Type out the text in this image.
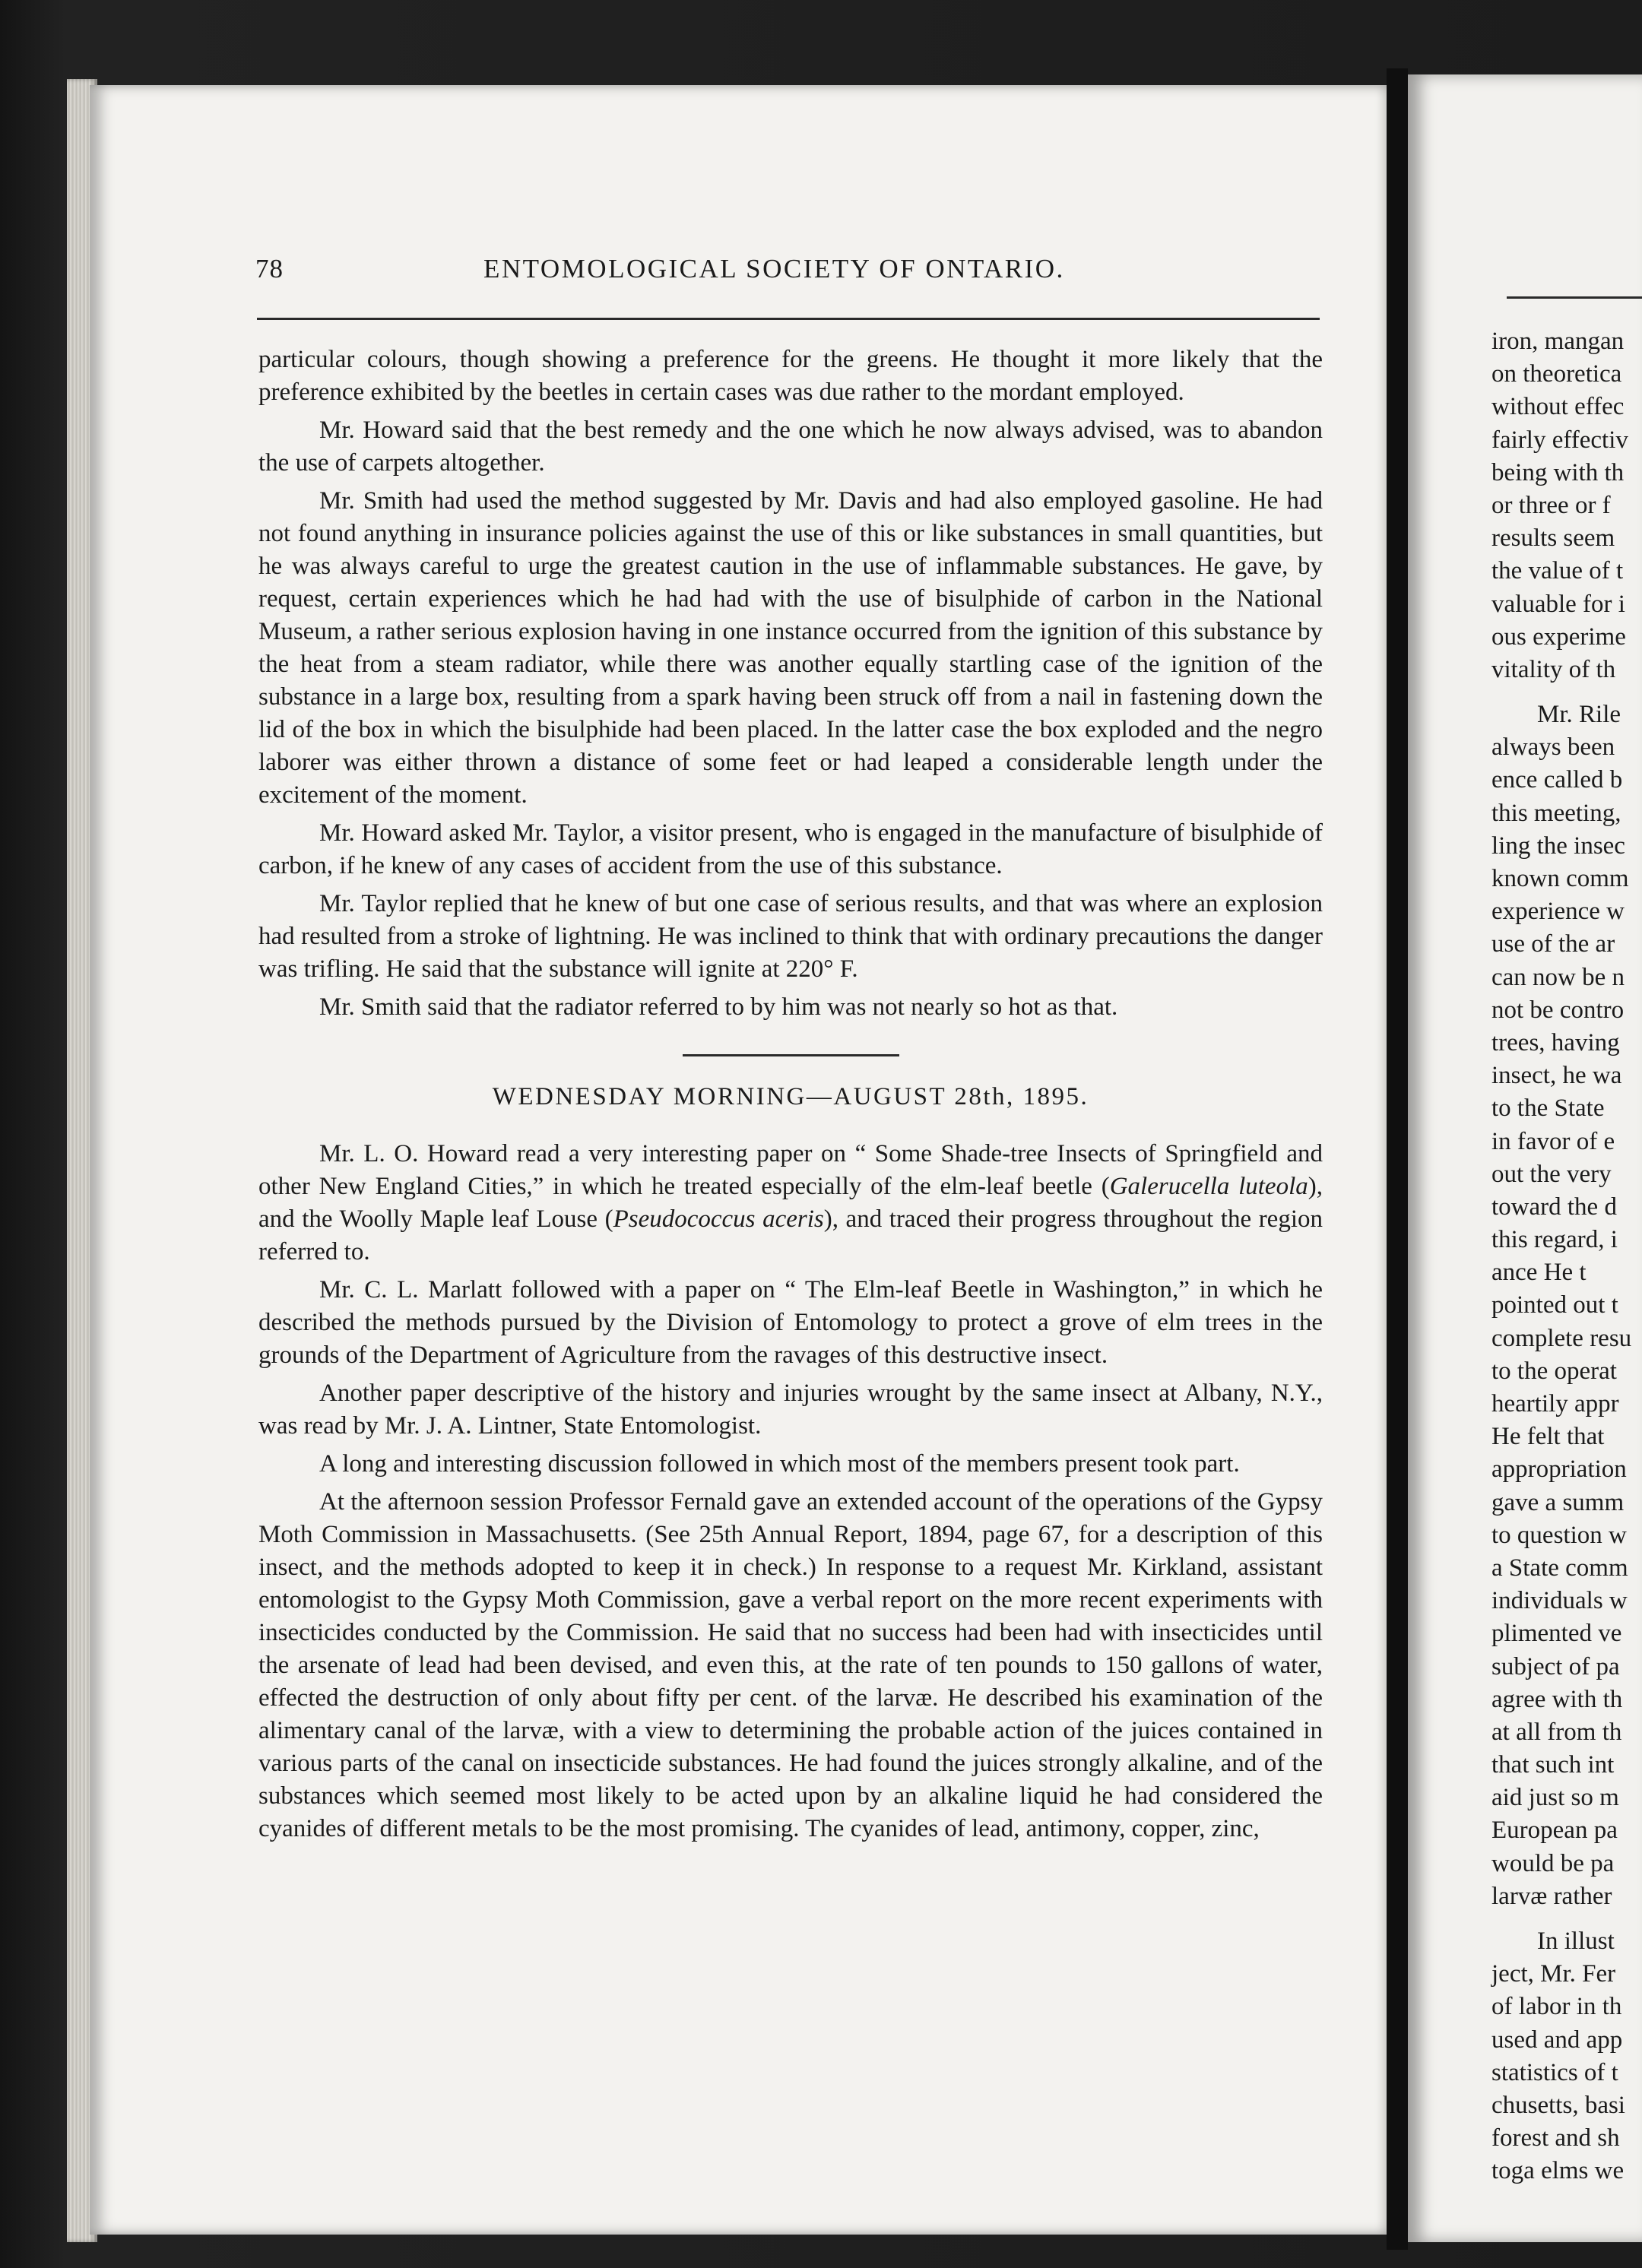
78	ENTOMOLOGICAL SOCIETY OF ONTARIO.

particular colours, though showing a preference for the greens. He thought it more likely that the preference exhibited by the beetles in certain cases was due rather to the mordant employed.

Mr. Howard said that the best remedy and the one which he now always advised, was to abandon the use of carpets altogether.

Mr. Smith had used the method suggested by Mr. Davis and had also employed gasoline. He had not found anything in insurance policies against the use of this or like substances in small quantities, but he was always careful to urge the greatest caution in the use of inflammable substances. He gave, by request, certain experiences which he had had with the use of bisulphide of carbon in the National Museum, a rather serious explosion having in one instance occurred from the ignition of this substance by the heat from a steam radiator, while there was another equally startling case of the ignition of the substance in a large box, resulting from a spark having been struck off from a nail in fastening down the lid of the box in which the bisulphide had been placed. In the latter case the box exploded and the negro laborer was either thrown a distance of some feet or had leaped a considerable length under the excitement of the moment.

Mr. Howard asked Mr. Taylor, a visitor present, who is engaged in the manufacture of bisulphide of carbon, if he knew of any cases of accident from the use of this substance.

Mr. Taylor replied that he knew of but one case of serious results, and that was where an explosion had resulted from a stroke of lightning. He was inclined to think that with ordinary precautions the danger was trifling. He said that the substance will ignite at 220° F.

Mr. Smith said that the radiator referred to by him was not nearly so hot as that.

WEDNESDAY MORNING—AUGUST 28th, 1895.

Mr. L. O. Howard read a very interesting paper on “ Some Shade-tree Insects of Springfield and other New England Cities,” in which he treated especially of the elm-leaf beetle (Galerucella luteola), and the Woolly Maple leaf Louse (Pseudococcus aceris), and traced their progress throughout the region referred to.

Mr. C. L. Marlatt followed with a paper on “ The Elm-leaf Beetle in Washington,” in which he described the methods pursued by the Division of Entomology to protect a grove of elm trees in the grounds of the Department of Agriculture from the ravages of this destructive insect.

Another paper descriptive of the history and injuries wrought by the same insect at Albany, N.Y., was read by Mr. J. A. Lintner, State Entomologist.

A long and interesting discussion followed in which most of the members present took part.

At the afternoon session Professor Fernald gave an extended account of the operations of the Gypsy Moth Commission in Massachusetts. (See 25th Annual Report, 1894, page 67, for a description of this insect, and the methods adopted to keep it in check.) In response to a request Mr. Kirkland, assistant entomologist to the Gypsy Moth Commission, gave a verbal report on the more recent experiments with insecticides conducted by the Commission. He said that no success had been had with insecticides until the arsenate of lead had been devised, and even this, at the rate of ten pounds to 150 gallons of water, effected the destruction of only about fifty per cent. of the larvæ. He described his examination of the alimentary canal of the larvæ, with a view to determining the probable action of the juices contained in various parts of the canal on insecticide substances. He had found the juices strongly alkaline, and of the substances which seemed most likely to be acted upon by an alkaline liquid he had considered the cyanides of different metals to be the most promising. The cyanides of lead, antimony, copper, zinc,

iron, mangan
on theoretica
without effec
fairly effectiv
being with th
or three or f
results seem
the value of t
valuable for i
ous experime
vitality of th
Mr. Rile
always been
ence called b
this meeting,
ling the insec
known comm
experience w
use of the ar
can now be n
not be contro
trees, having
insect, he wa
to the State
in favor of e
out the very
toward the d
this regard, i
ance He t
pointed out t
complete resu
to the operat
heartily appr
He felt that
appropriation
gave a summ
to question w
a State comm
individuals w
plimented ve
subject of pa
agree with th
at all from th
that such int
aid just so m
European pa
would be pa
larvæ rather
In illust
ject, Mr. Fer
of labor in th
used and app
statistics of t
chusetts, basi
forest and sh
toga elms we
